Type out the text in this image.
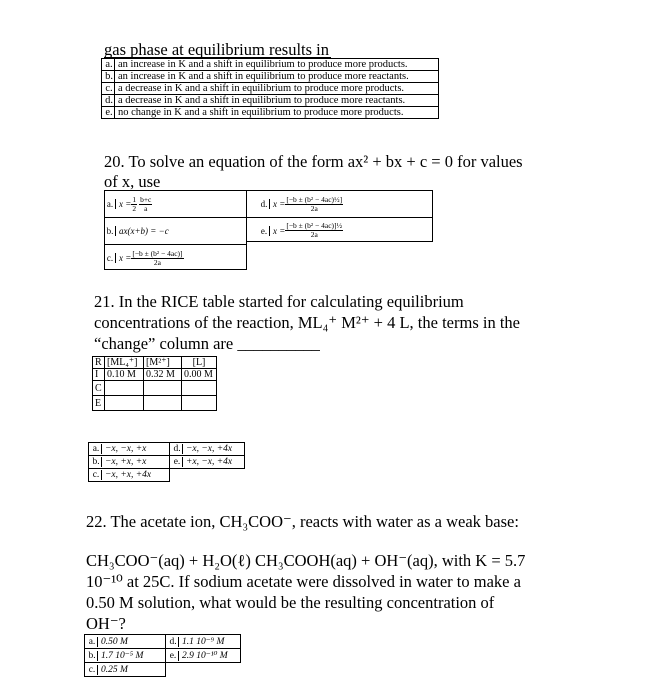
gas phase at equilibrium results in
a. an increase in K and a shift in equilibrium to produce more products.
b. an increase in K and a shift in equilibrium to produce more reactants.
c. a decrease in K and a shift in equilibrium to produce more products.
d. a decrease in K and a shift in equilibrium to produce more reactants.
e. no change in K and a shift in equilibrium to produce more products.
20. To solve an equation of the form ax² + bx + c = 0 for values
of x, use
a. $x = \frac{1}{2} \frac{b+c}{a}$
b. ax(x+b) = −c
c. $x = \frac{\text{[−b ± (b² − 4ac)]}}{2a}$
d. $x = \frac{\text{[−b ± (b² − 4ac)½]}}{2a}$
e. $x = \frac{\text{[−b ± (b² − 4ac)]½}}{2a}$
21. In the RICE table started for calculating equilibrium
concentrations of the reaction, ML₄⁺ M²⁺ + 4 L, the terms in the
“change” column are __________
R	[ML₄⁺]	[M²⁺]	[L]
I	0.10 M	0.32 M	0.00 M
C			
E			
a. −x, −x, +x	d. −x, −x, +4x
b. −x, +x, +x	e. +x, −x, +4x
c. −x, +x, +4x	
22. The acetate ion, CH₃COO⁻, reacts with water as a weak base:
CH₃COO⁻(aq) + H₂O(ℓ) CH₃COOH(aq) + OH⁻(aq), with K = 5.7
10⁻¹⁰ at 25C. If sodium acetate were dissolved in water to make a
0.50 M solution, what would be the resulting concentration of
OH⁻?
a. 0.50 M	d. 1.1 10⁻⁹ M
b. 1.7 10⁻⁵ M	e. 2.9 10⁻¹⁰ M
c. 0.25 M	
